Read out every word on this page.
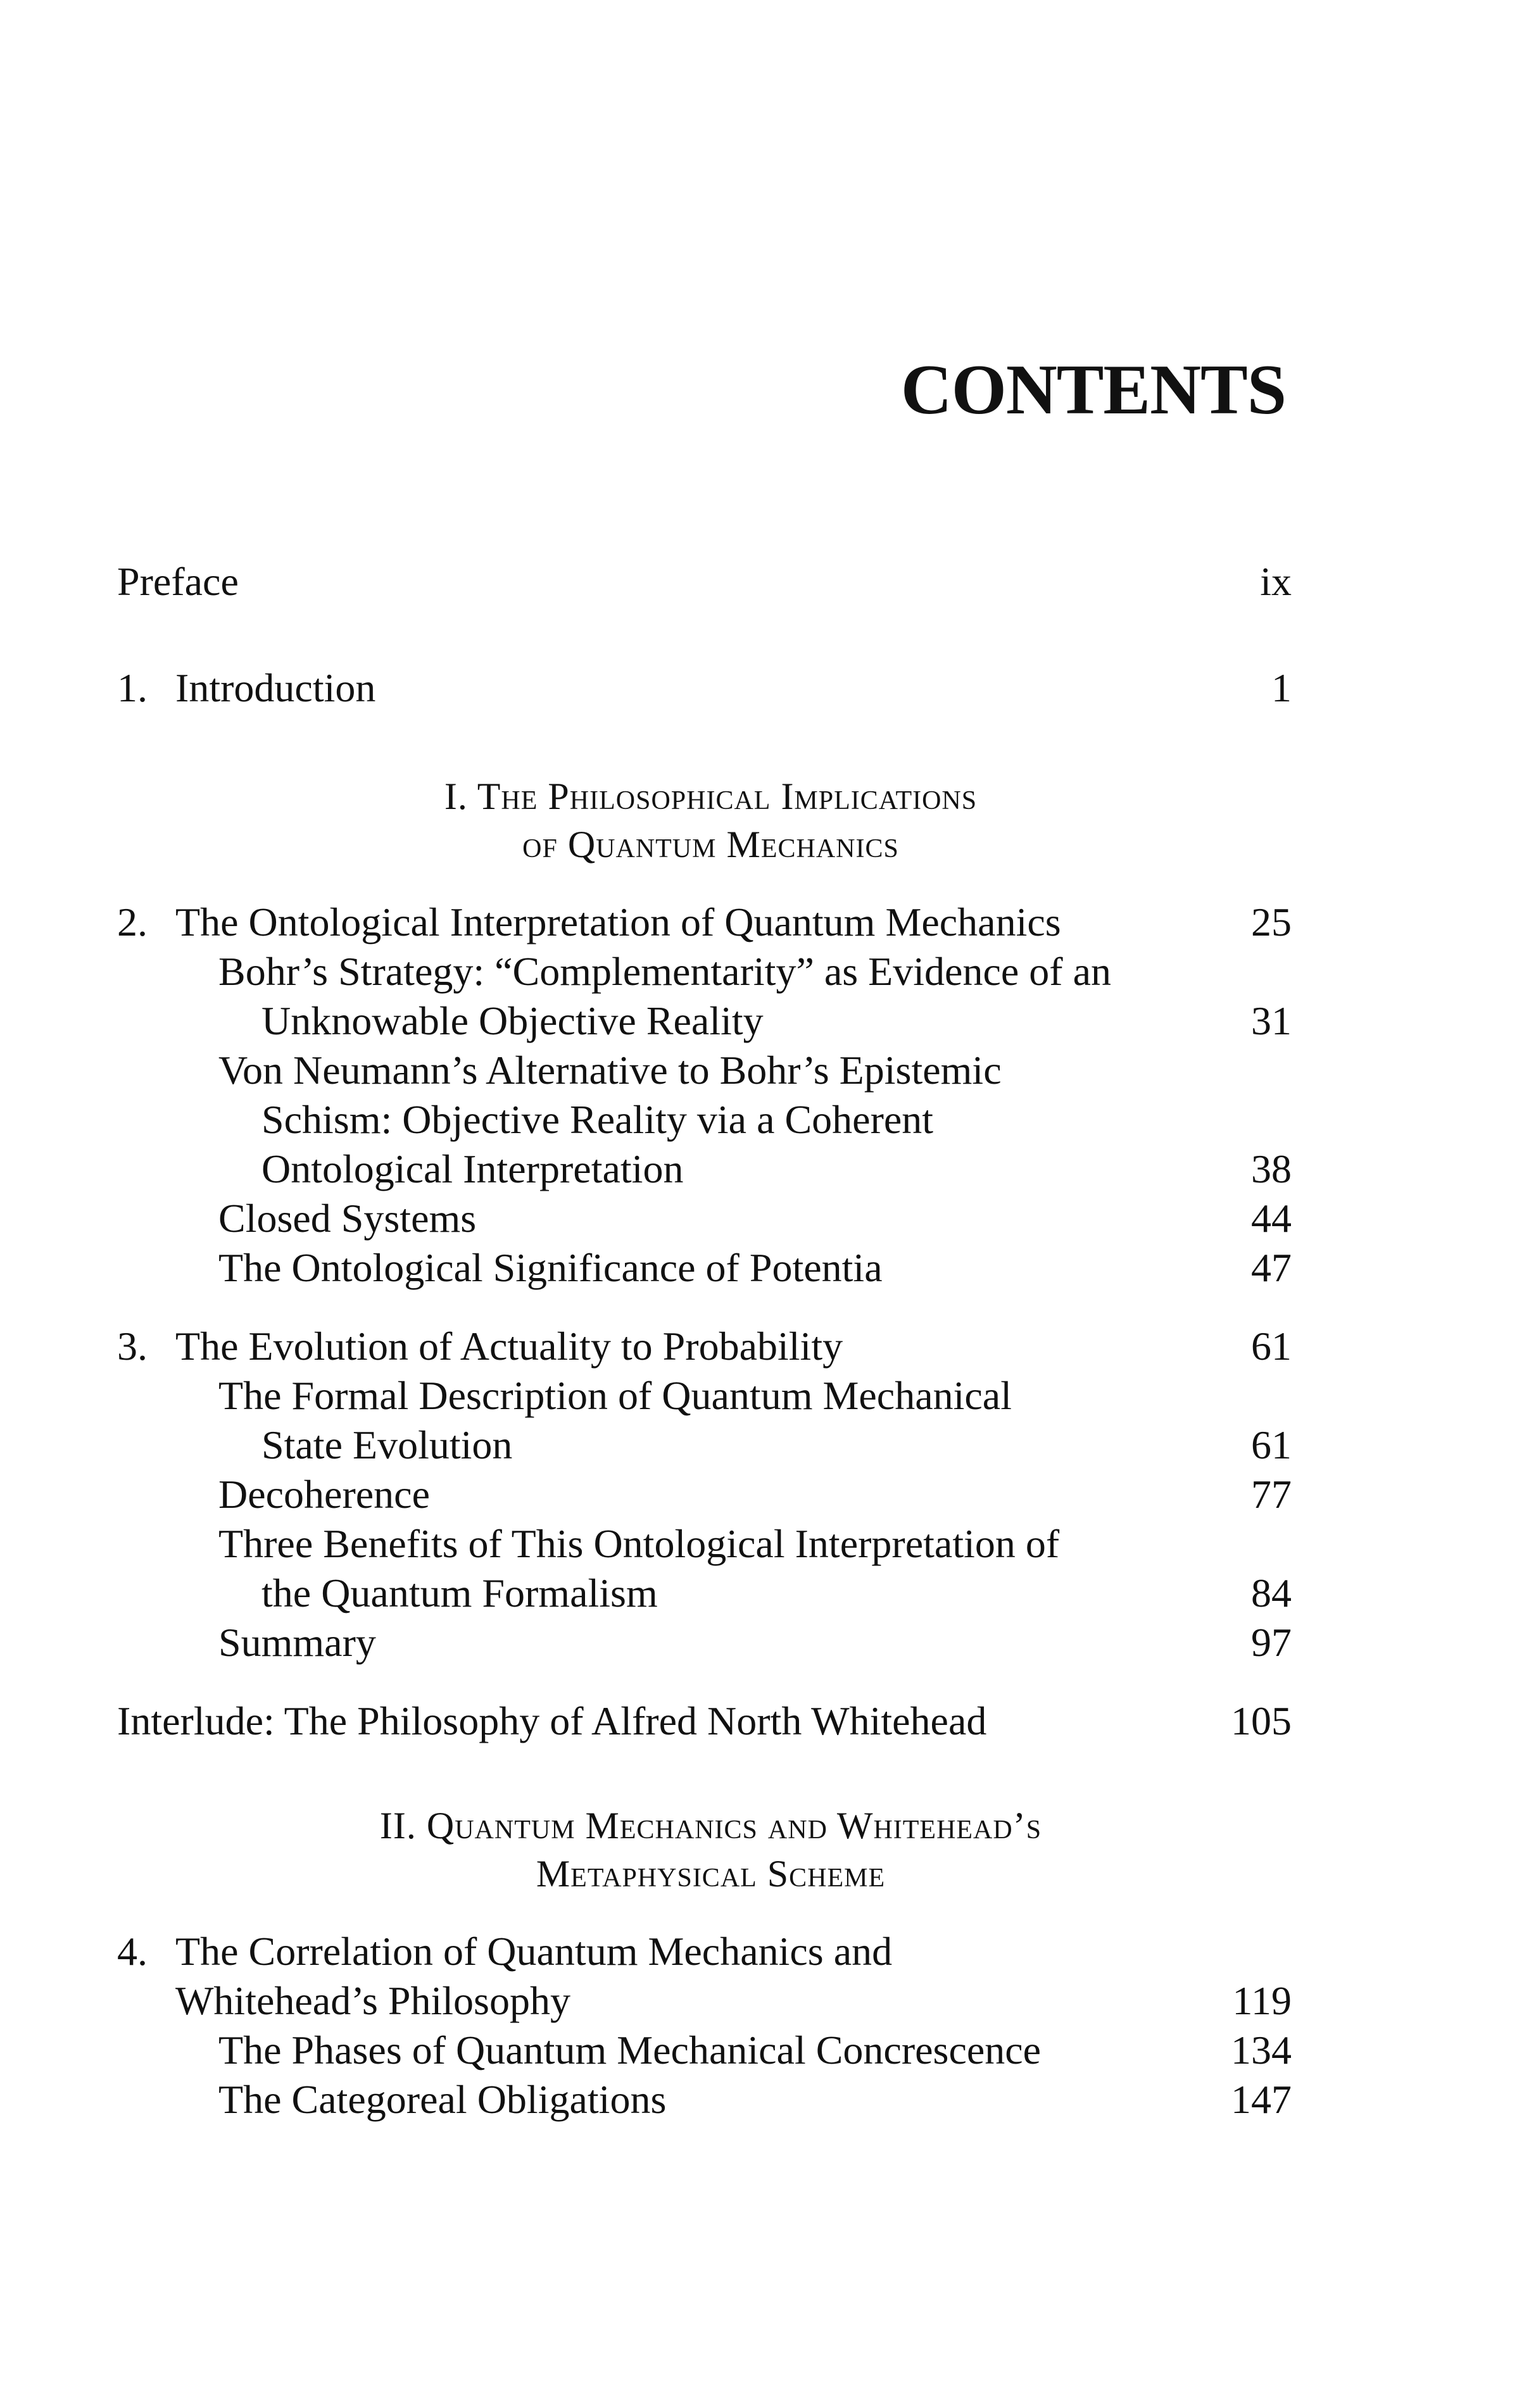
CONTENTS
Preface	ix
1. Introduction	1
I. The Philosophical Implications
of Quantum Mechanics
2. The Ontological Interpretation of Quantum Mechanics	25
Bohr’s Strategy: “Complementarity” as Evidence of an
Unknowable Objective Reality	31
Von Neumann’s Alternative to Bohr’s Epistemic
Schism: Objective Reality via a Coherent
Ontological Interpretation	38
Closed Systems	44
The Ontological Significance of Potentia	47
3. The Evolution of Actuality to Probability	61
The Formal Description of Quantum Mechanical
State Evolution	61
Decoherence	77
Three Benefits of This Ontological Interpretation of
the Quantum Formalism	84
Summary	97
Interlude: The Philosophy of Alfred North Whitehead	105
II. Quantum Mechanics and Whitehead’s
Metaphysical Scheme
4. The Correlation of Quantum Mechanics and
Whitehead’s Philosophy	119
The Phases of Quantum Mechanical Concrescence	134
The Categoreal Obligations	147
